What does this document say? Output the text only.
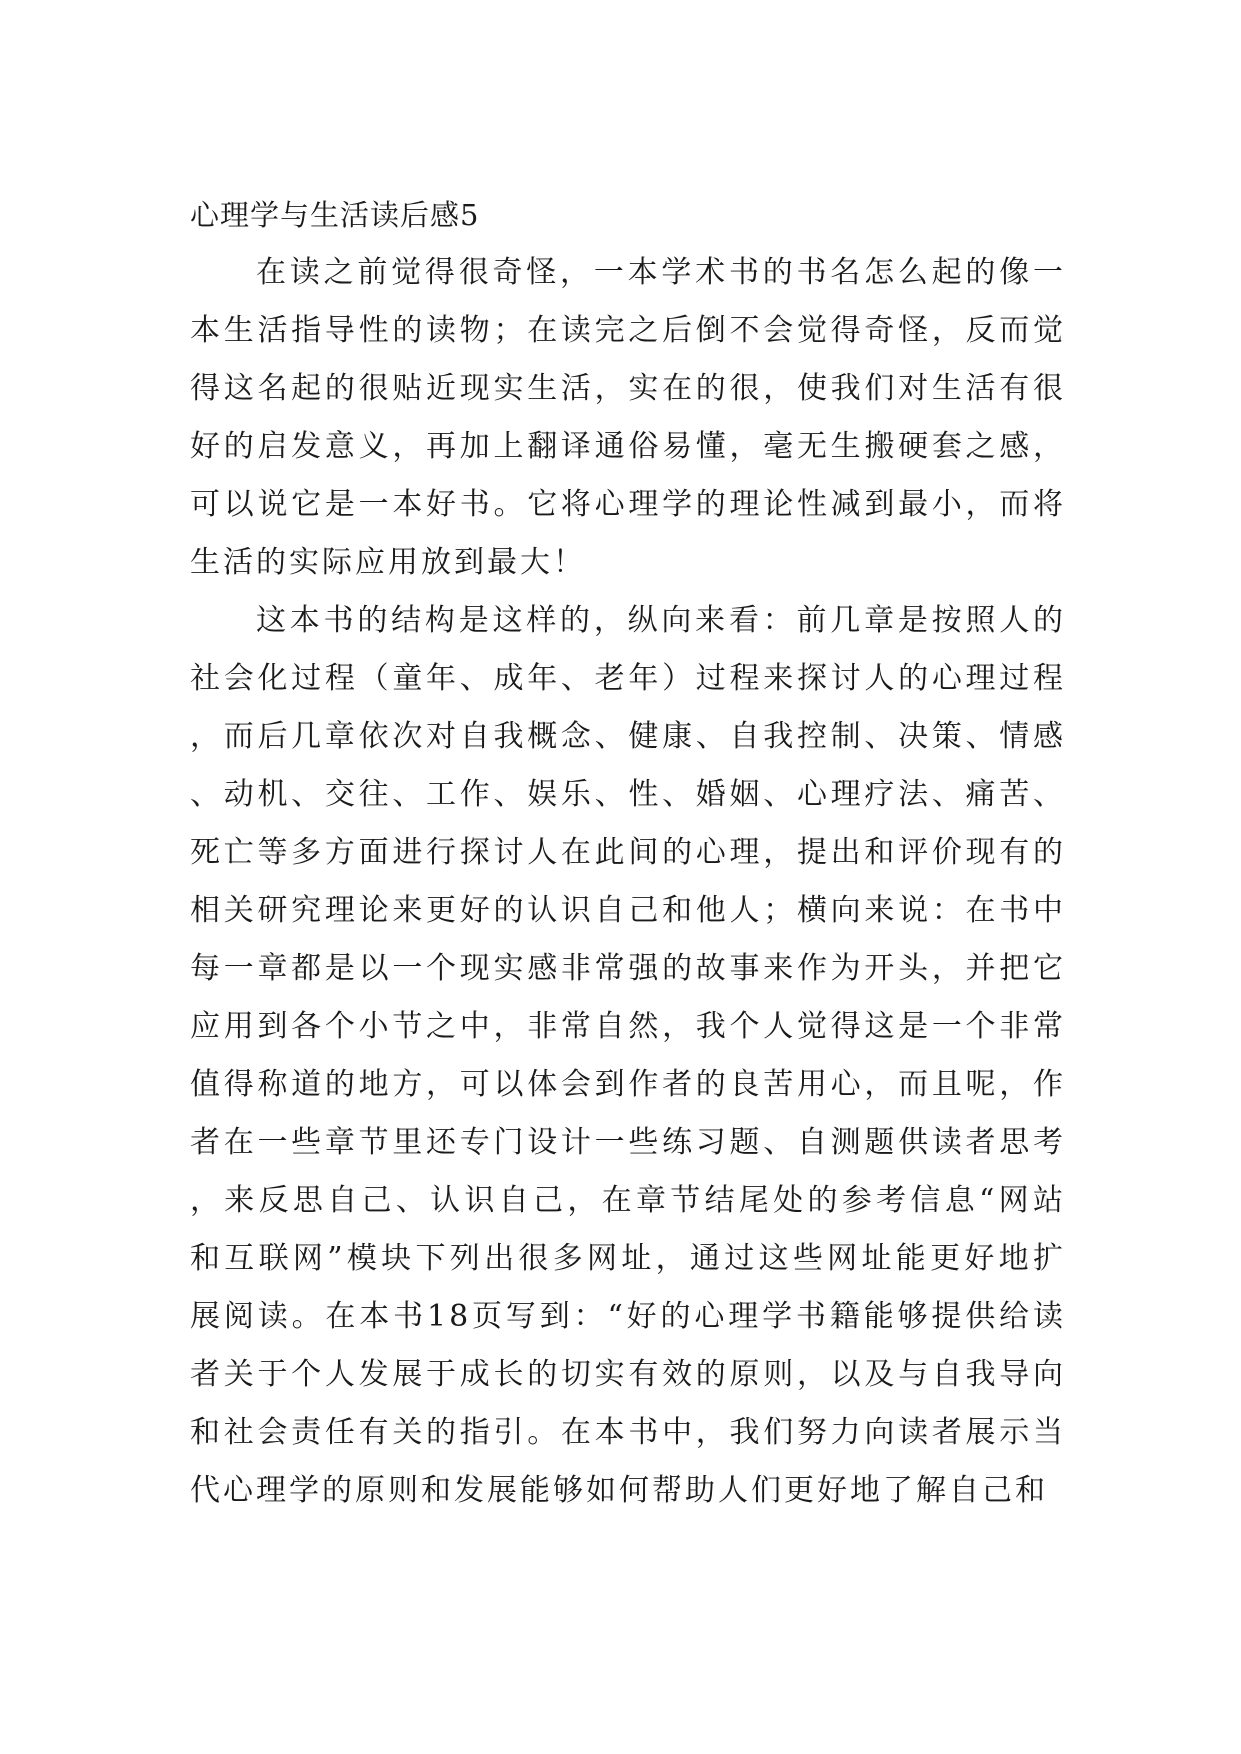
心理学与生活读后感5

在读之前觉得很奇怪，一本学术书的书名怎么起的像一本生活指导性的读物；在读完之后倒不会觉得奇怪，反而觉得这名起的很贴近现实生活，实在的很，使我们对生活有很好的启发意义，再加上翻译通俗易懂，毫无生搬硬套之感，可以说它是一本好书。它将心理学的理论性减到最小，而将生活的实际应用放到最大！

这本书的结构是这样的，纵向来看：前几章是按照人的社会化过程（童年、成年、老年）过程来探讨人的心理过程，而后几章依次对自我概念、健康、自我控制、决策、情感、动机、交往、工作、娱乐、性、婚姻、心理疗法、痛苦、死亡等多方面进行探讨人在此间的心理，提出和评价现有的相关研究理论来更好的认识自己和他人；横向来说：在书中每一章都是以一个现实感非常强的故事来作为开头，并把它应用到各个小节之中，非常自然，我个人觉得这是一个非常值得称道的地方，可以体会到作者的良苦用心，而且呢，作者在一些章节里还专门设计一些练习题、自测题供读者思考，来反思自己、认识自己，在章节结尾处的参考信息“网站和互联网”模块下列出很多网址，通过这些网址能更好地扩展阅读。在本书18页写到：“好的心理学书籍能够提供给读者关于个人发展于成长的切实有效的原则，以及与自我导向和社会责任有关的指引。在本书中，我们努力向读者展示当代心理学的原则和发展能够如何帮助人们更好地了解自己和
